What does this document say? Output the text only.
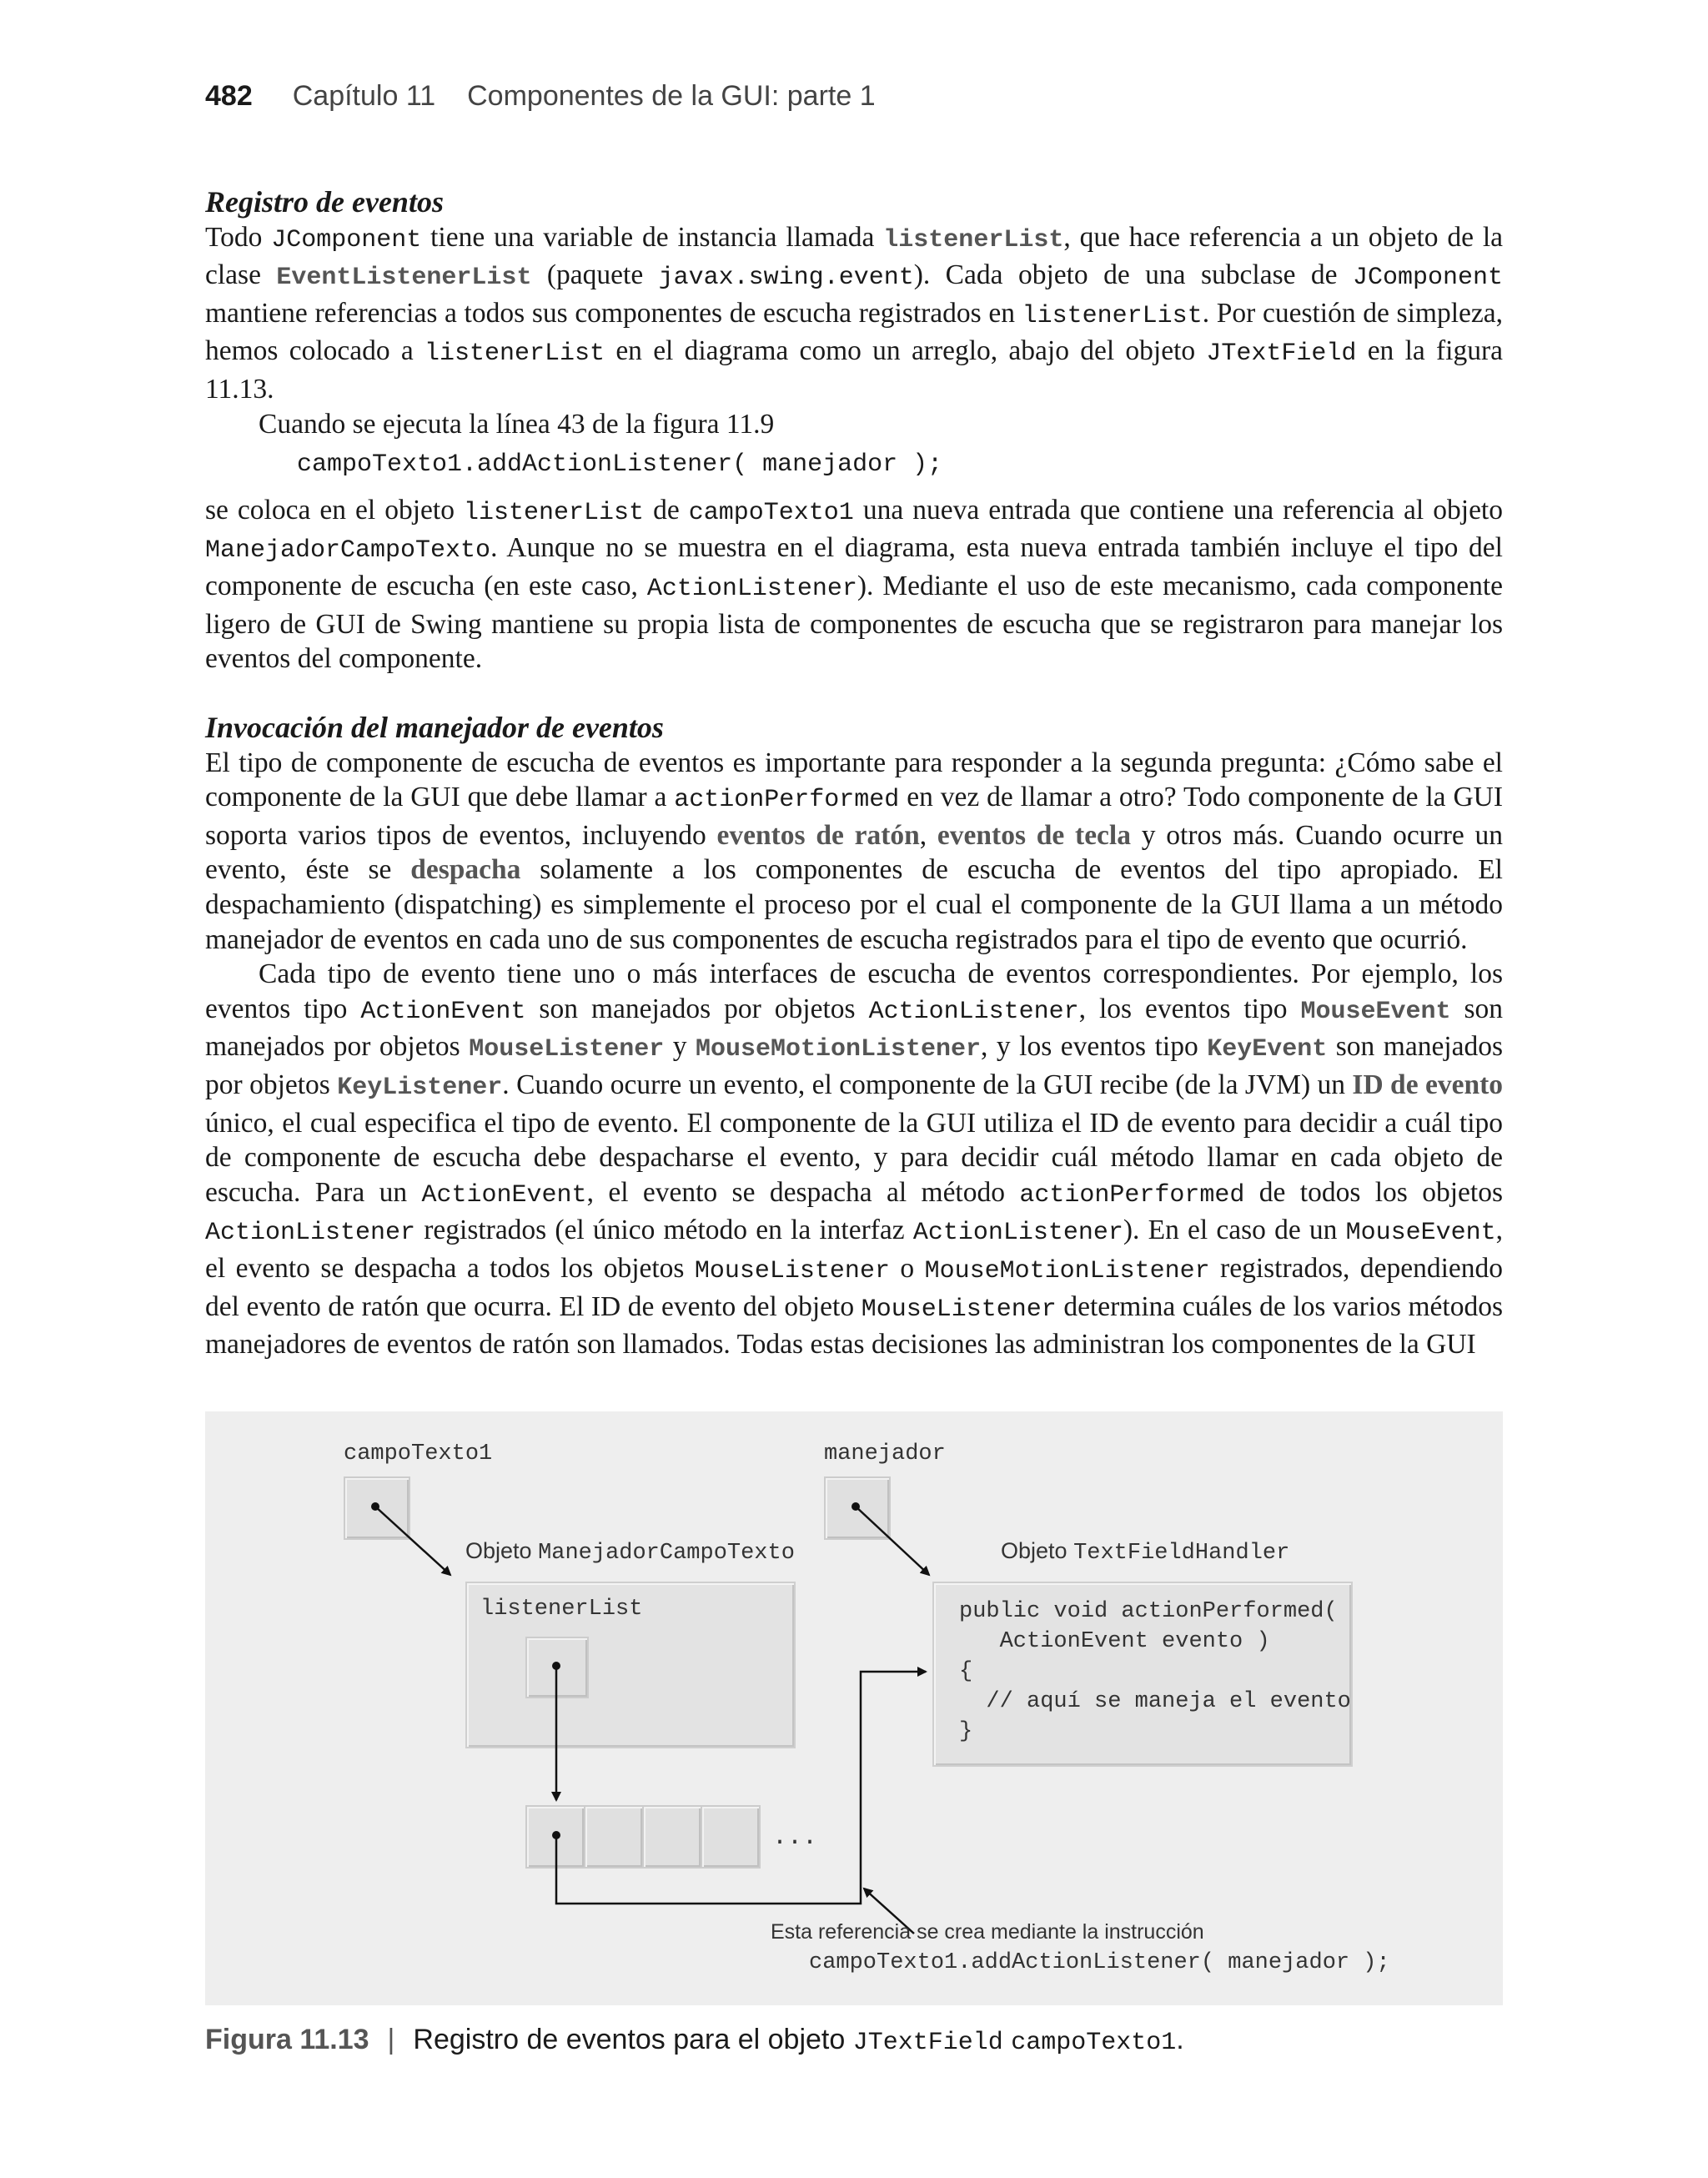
482 Capítulo 11 Componentes de la GUI: parte 1

Registro de eventos

Todo JComponent tiene una variable de instancia llamada listenerList, que hace referencia a un objeto de la clase EventListenerList (paquete javax.swing.event). Cada objeto de una subclase de JComponent mantiene referencias a todos sus componentes de escucha registrados en listenerList. Por cuestión de simpleza, hemos colocado a listenerList en el diagrama como un arreglo, abajo del objeto JTextField en la figura 11.13.

Cuando se ejecuta la línea 43 de la figura 11.9

campoTexto1.addActionListener( manejador );

se coloca en el objeto listenerList de campoTexto1 una nueva entrada que contiene una referencia al objeto ManejadorCampoTexto. Aunque no se muestra en el diagrama, esta nueva entrada también incluye el tipo del componente de escucha (en este caso, ActionListener). Mediante el uso de este mecanismo, cada componente ligero de GUI de Swing mantiene su propia lista de componentes de escucha que se registraron para manejar los eventos del componente.

Invocación del manejador de eventos

El tipo de componente de escucha de eventos es importante para responder a la segunda pregunta: ¿Cómo sabe el componente de la GUI que debe llamar a actionPerformed en vez de llamar a otro? Todo componente de la GUI soporta varios tipos de eventos, incluyendo eventos de ratón, eventos de tecla y otros más. Cuando ocurre un evento, éste se despacha solamente a los componentes de escucha de eventos del tipo apropiado. El despachamiento (dispatching) es simplemente el proceso por el cual el componente de la GUI llama a un método manejador de eventos en cada uno de sus componentes de escucha registrados para el tipo de evento que ocurrió.

Cada tipo de evento tiene uno o más interfaces de escucha de eventos correspondientes. Por ejemplo, los eventos tipo ActionEvent son manejados por objetos ActionListener, los eventos tipo MouseEvent son manejados por objetos MouseListener y MouseMotionListener, y los eventos tipo KeyEvent son manejados por objetos KeyListener. Cuando ocurre un evento, el componente de la GUI recibe (de la JVM) un ID de evento único, el cual especifica el tipo de evento. El componente de la GUI utiliza el ID de evento para decidir a cuál tipo de componente de escucha debe despacharse el evento, y para decidir cuál método llamar en cada objeto de escucha. Para un ActionEvent, el evento se despacha al método actionPerformed de todos los objetos ActionListener registrados (el único método en la interfaz ActionListener). En el caso de un MouseEvent, el evento se despacha a todos los objetos MouseListener o MouseMotionListener registrados, dependiendo del evento de ratón que ocurra. El ID de evento del objeto MouseListener determina cuáles de los varios métodos manejadores de eventos de ratón son llamados. Todas estas decisiones las administran los componentes de la GUI

campoTexto1	manejador
Objeto ManejadorCampoTexto	Objeto TextFieldHandler
listenerList	public void actionPerformed(
ActionEvent evento )
{
// aquí se maneja el evento
}
...
Esta referencia se crea mediante la instrucción
campoTexto1.addActionListener( manejador );
Figura 11.13 | Registro de eventos para el objeto JTextField campoTexto1.
